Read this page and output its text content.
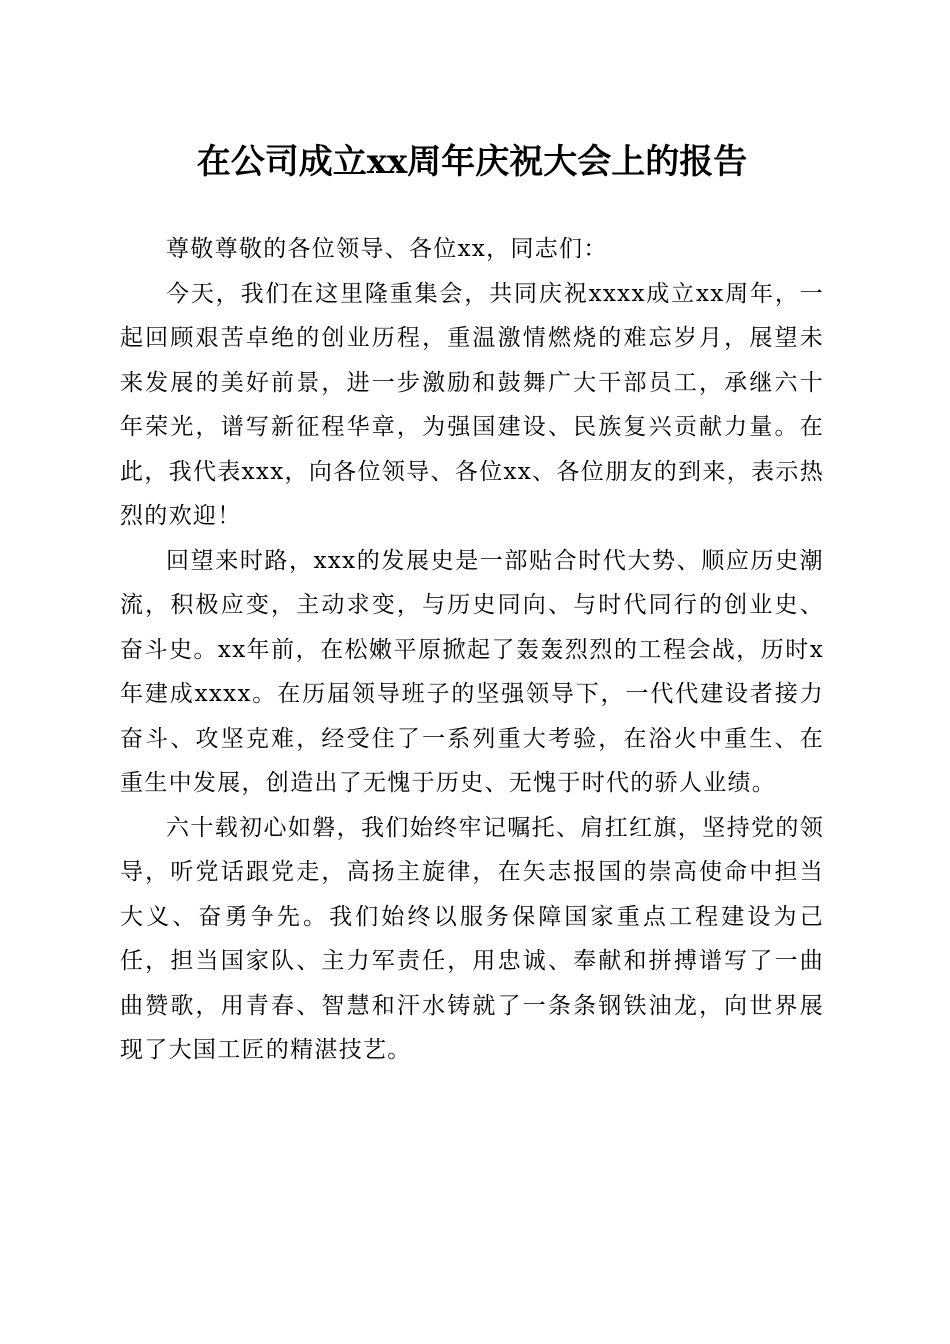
在公司成立xx周年庆祝大会上的报告

尊敬尊敬的各位领导、各位xx，同志们：

今天，我们在这里隆重集会，共同庆祝xxxx成立xx周年，一起回顾艰苦卓绝的创业历程，重温激情燃烧的难忘岁月，展望未来发展的美好前景，进一步激励和鼓舞广大干部员工，承继六十年荣光，谱写新征程华章，为强国建设、民族复兴贡献力量。在此，我代表xxx，向各位领导、各位xx、各位朋友的到来，表示热烈的欢迎！

回望来时路，xxx的发展史是一部贴合时代大势、顺应历史潮流，积极应变，主动求变，与历史同向、与时代同行的创业史、奋斗史。xx年前，在松嫩平原掀起了轰轰烈烈的工程会战，历时x年建成xxxx。在历届领导班子的坚强领导下，一代代建设者接力奋斗、攻坚克难，经受住了一系列重大考验，在浴火中重生、在重生中发展，创造出了无愧于历史、无愧于时代的骄人业绩。

六十载初心如磐，我们始终牢记嘱托、肩扛红旗，坚持党的领导，听党话跟党走，高扬主旋律，在矢志报国的崇高使命中担当大义、奋勇争先。我们始终以服务保障国家重点工程建设为己任，担当国家队、主力军责任，用忠诚、奉献和拼搏谱写了一曲曲赞歌，用青春、智慧和汗水铸就了一条条钢铁油龙，向世界展现了大国工匠的精湛技艺。
